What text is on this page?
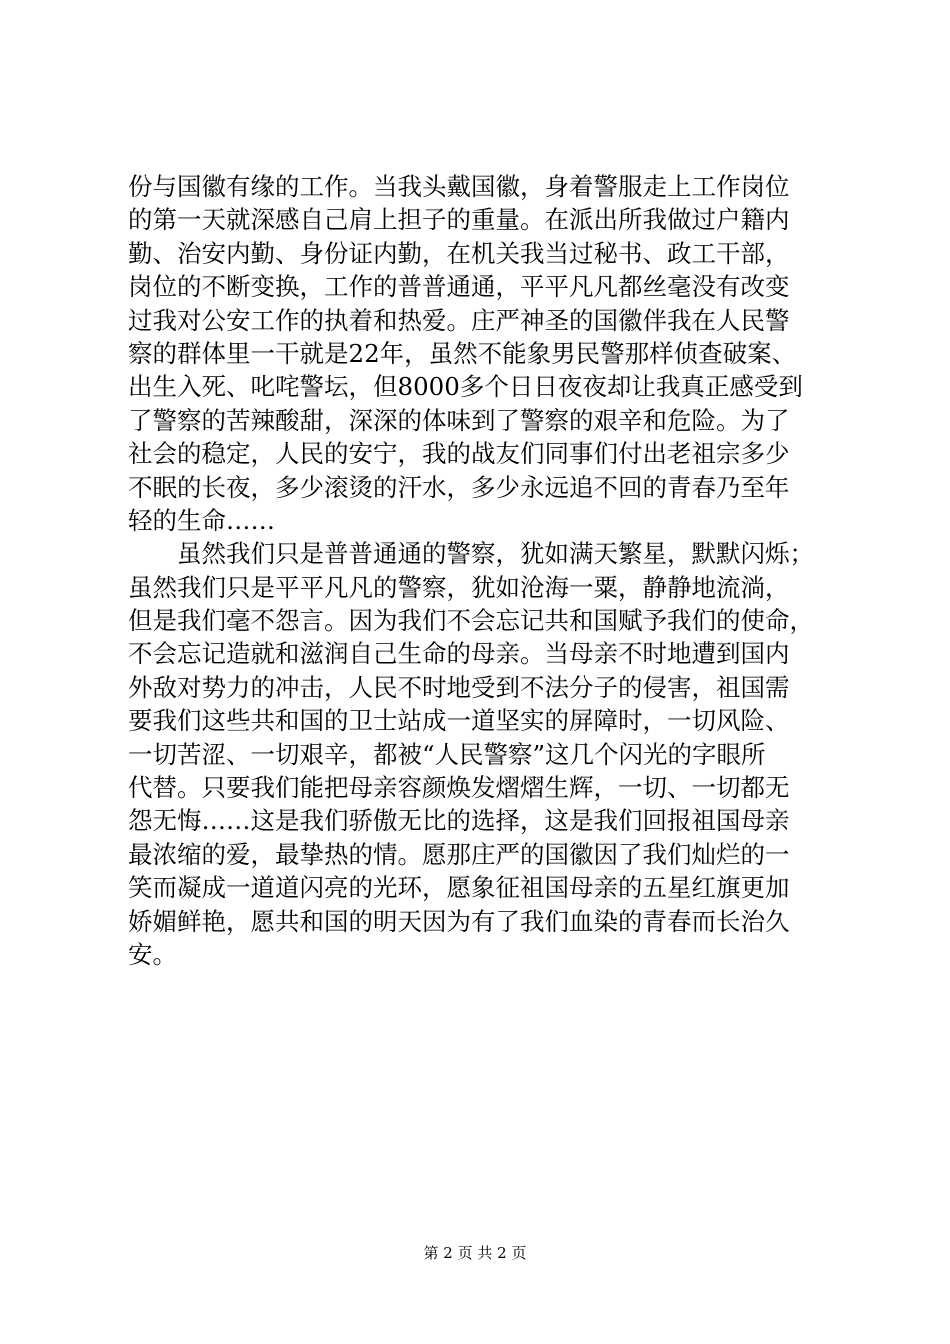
份与国徽有缘的工作。当我头戴国徽，身着警服走上工作岗位
的第一天就深感自己肩上担子的重量。在派出所我做过户籍内
勤、治安内勤、身份证内勤，在机关我当过秘书、政工干部，
岗位的不断变换，工作的普普通通，平平凡凡都丝毫没有改变
过我对公安工作的执着和热爱。庄严神圣的国徽伴我在人民警
察的群体里一干就是22年，虽然不能象男民警那样侦查破案、
出生入死、叱咤警坛，但8000多个日日夜夜却让我真正感受到
了警察的苦辣酸甜，深深的体味到了警察的艰辛和危险。为了
社会的稳定，人民的安宁，我的战友们同事们付出老祖宗多少
不眠的长夜，多少滚烫的汗水，多少永远追不回的青春乃至年
轻的生命……
　　虽然我们只是普普通通的警察，犹如满天繁星，默默闪烁；
虽然我们只是平平凡凡的警察，犹如沧海一粟，静静地流淌，
但是我们毫不怨言。因为我们不会忘记共和国赋予我们的使命，
不会忘记造就和滋润自己生命的母亲。当母亲不时地遭到国内
外敌对势力的冲击，人民不时地受到不法分子的侵害，祖国需
要我们这些共和国的卫士站成一道坚实的屏障时，一切风险、
一切苦涩、一切艰辛，都被“人民警察”这几个闪光的字眼所
代替。只要我们能把母亲容颜焕发熠熠生辉，一切、一切都无
怨无悔……这是我们骄傲无比的选择，这是我们回报祖国母亲
最浓缩的爱，最挚热的情。愿那庄严的国徽因了我们灿烂的一
笑而凝成一道道闪亮的光环，愿象征祖国母亲的五星红旗更加
娇媚鲜艳，愿共和国的明天因为有了我们血染的青春而长治久
安。
第 2 页 共 2 页
